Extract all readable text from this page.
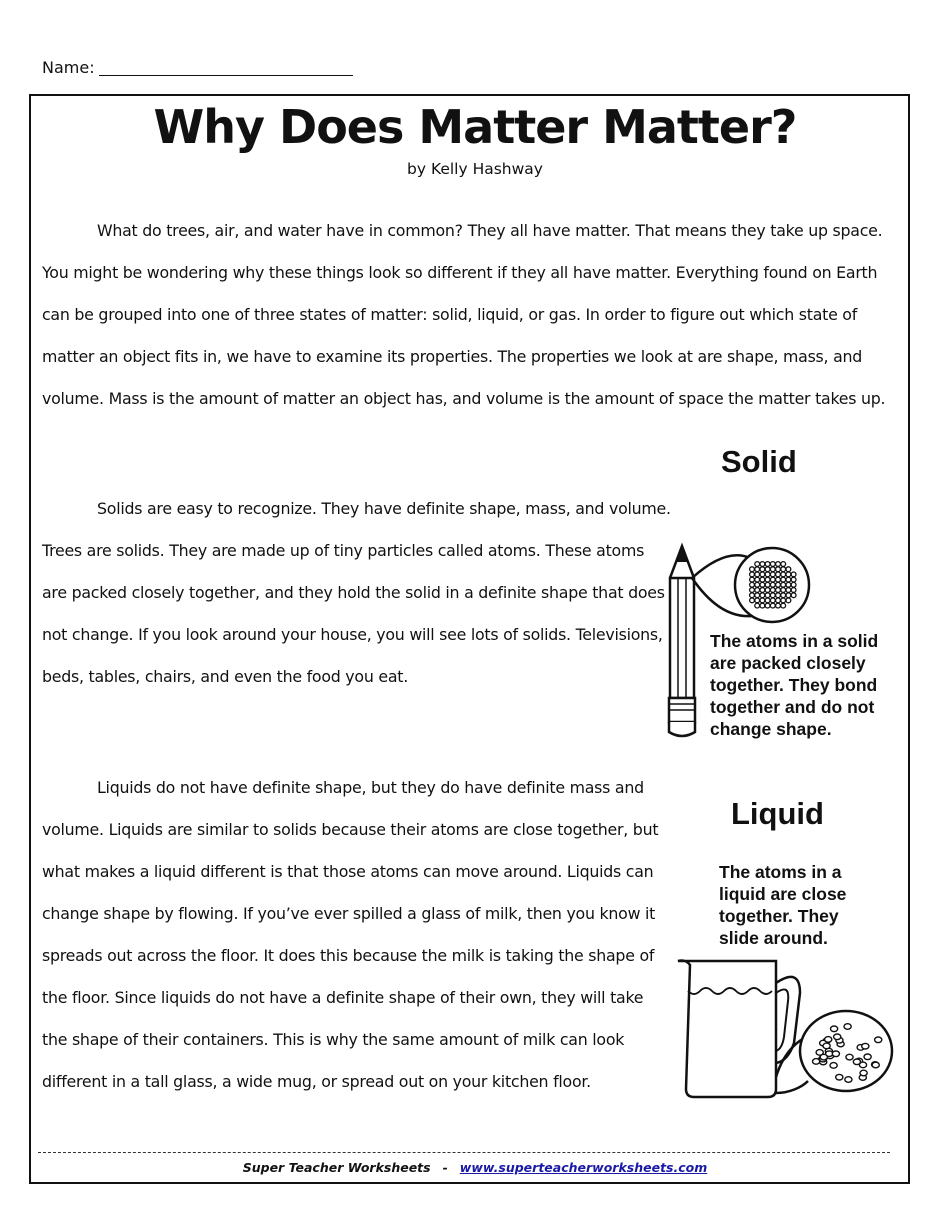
Name:
Why Does Matter Matter?
by Kelly Hashway

What do trees, air, and water have in common? They all have matter. That means they take up space. You might be wondering why these things look so different if they all have matter. Everything found on Earth can be grouped into one of three states of matter: solid, liquid, or gas. In order to figure out which state of matter an object fits in, we have to examine its properties. The properties we look at are shape, mass, and volume. Mass is the amount of matter an object has, and volume is the amount of space the matter takes up.

Solids are easy to recognize. They have definite shape, mass, and volume. Trees are solids. They are made up of tiny particles called atoms. These atoms are packed closely together, and they hold the solid in a definite shape that does not change. If you look around your house, you will see lots of solids. Televisions, beds, tables, chairs, and even the food you eat.

Liquids do not have definite shape, but they do have definite mass and volume. Liquids are similar to solids because their atoms are close together, but what makes a liquid different is that those atoms can move around. Liquids can change shape by flowing. If you’ve ever spilled a glass of milk, then you know it spreads out across the floor. It does this because the milk is taking the shape of the floor. Since liquids do not have a definite shape of their own, they will take the shape of their containers. This is why the same amount of milk can look different in a tall glass, a wide mug, or spread out on your kitchen floor.

Solid
The atoms in a solid
are packed closely
together. They bond
together and do not
change shape.
Liquid
The atoms in a
liquid are close
together. They
slide around.
Super Teacher Worksheets - www.superteacherworksheets.com
